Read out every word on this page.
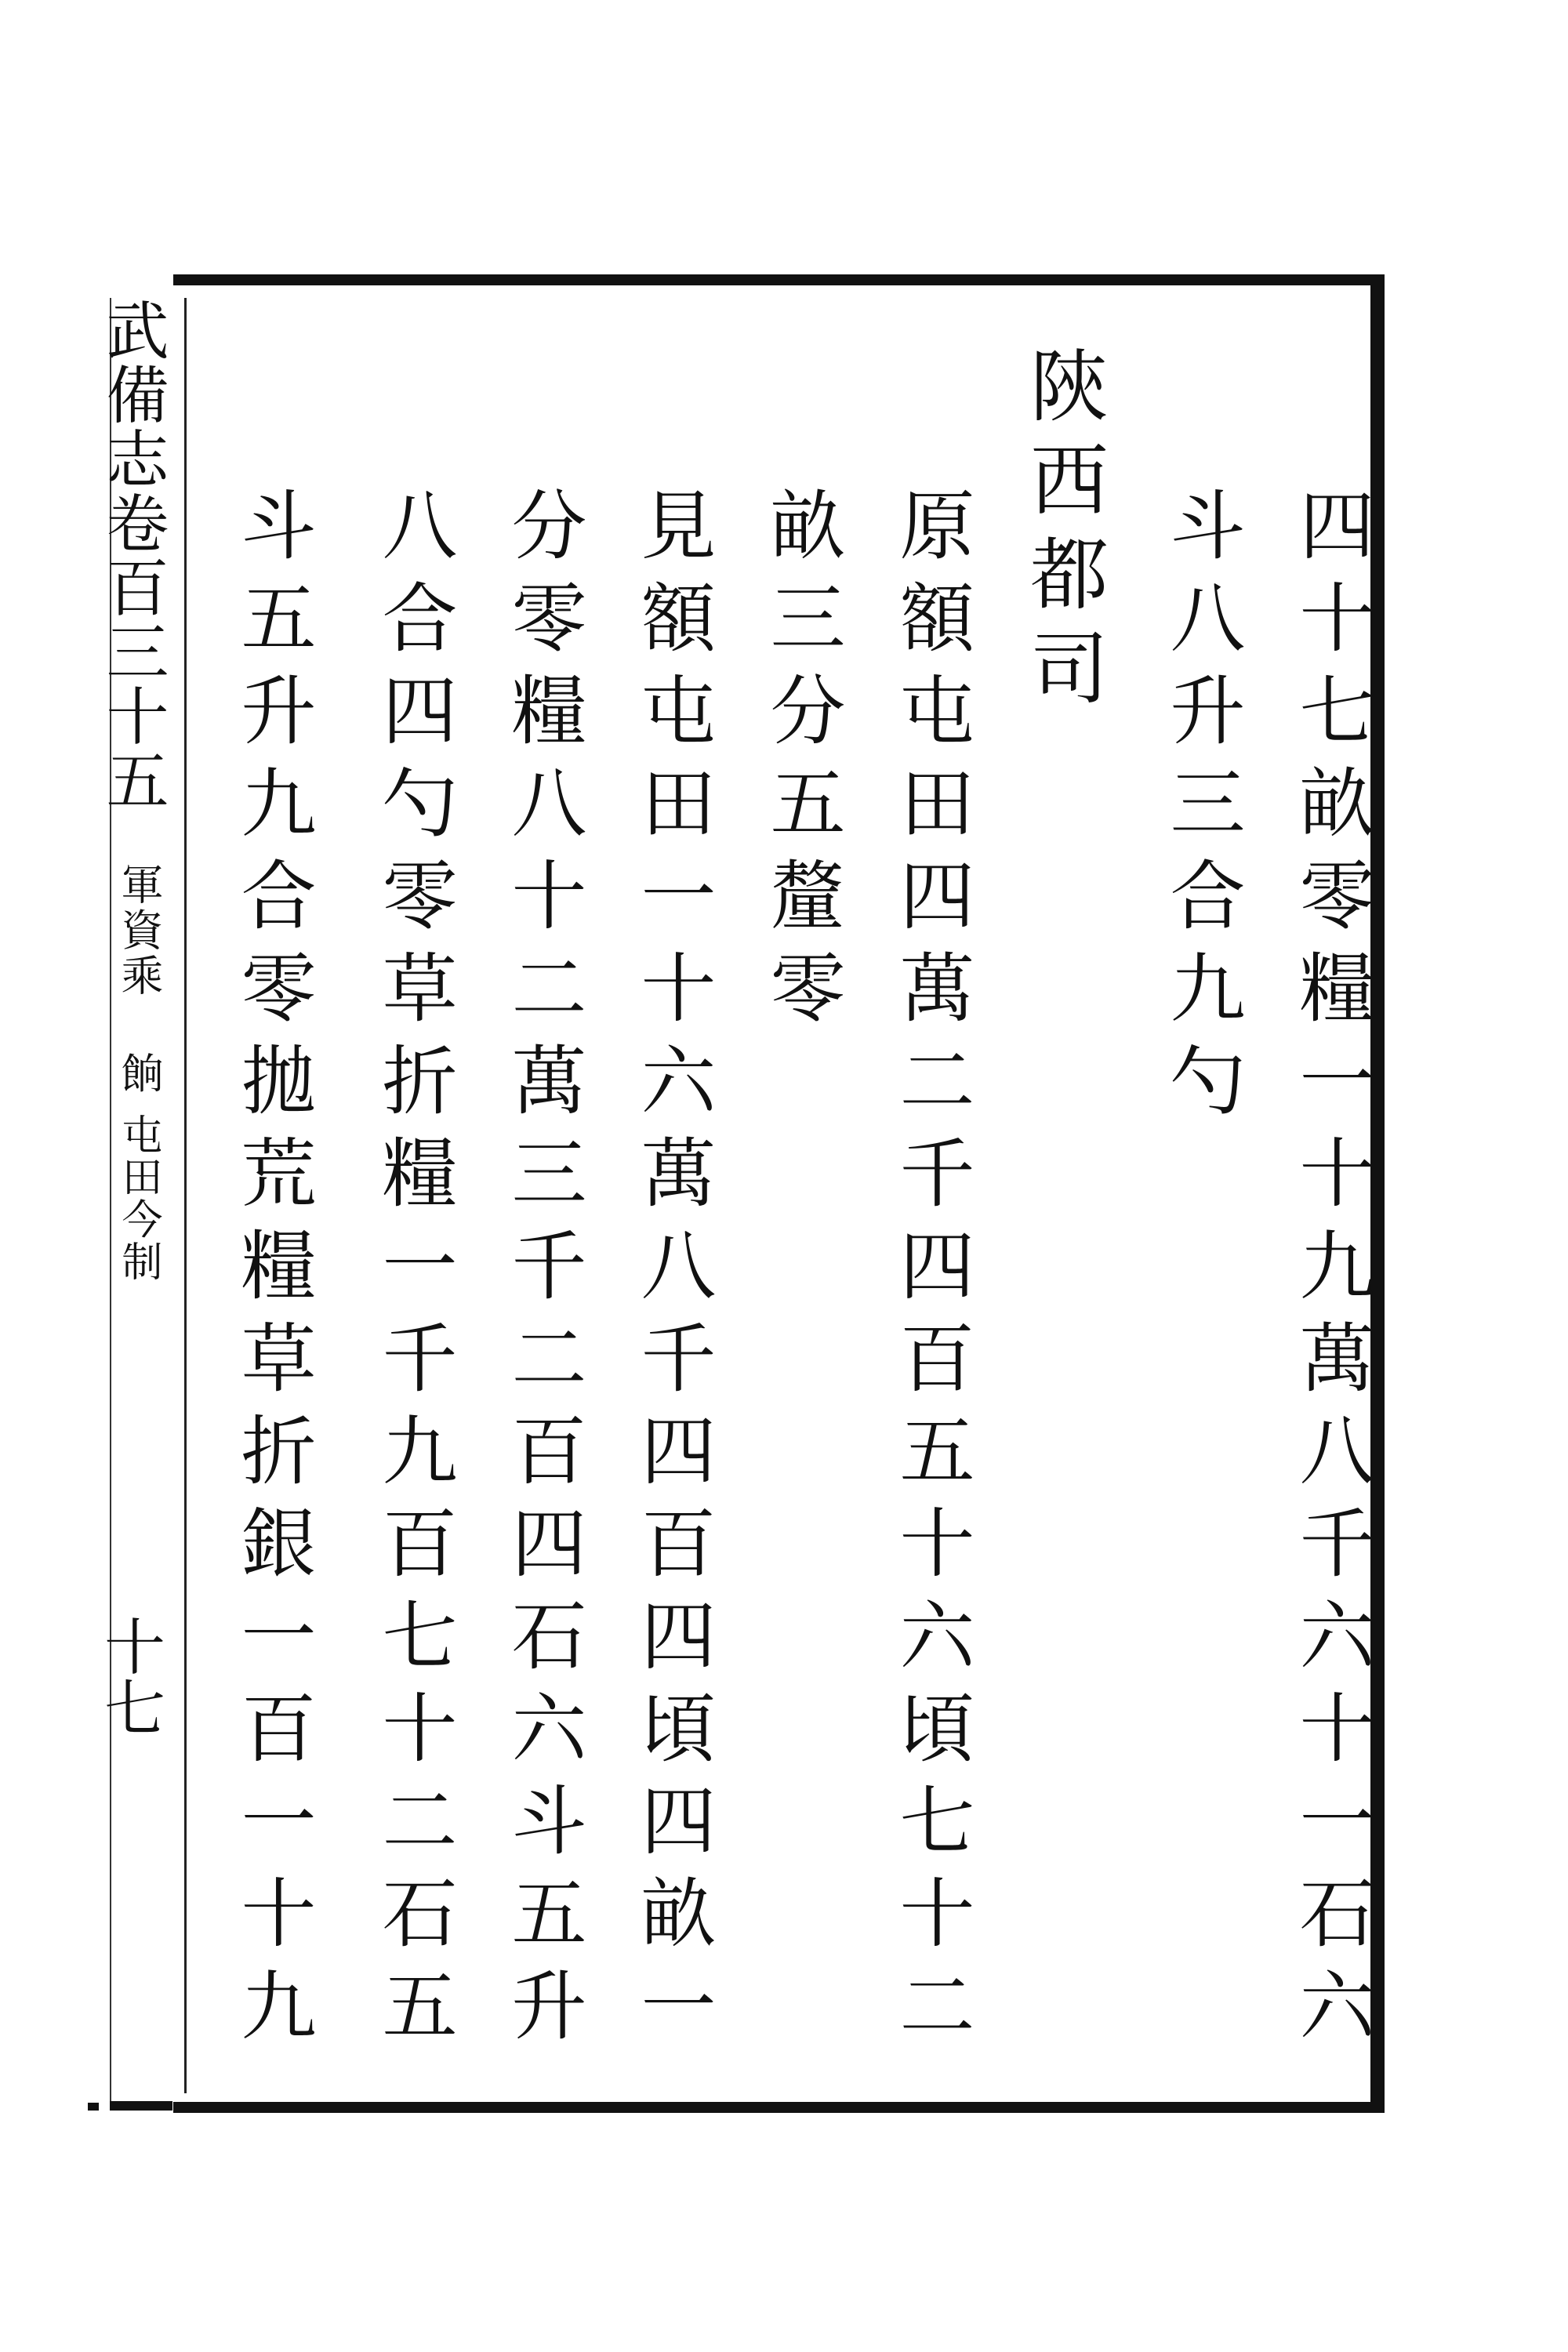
武備志卷百三十五
軍資乘 餉
屯田今制
十七	四十七畝零糧一十九萬八千六十一石六
斗八升三合九勺
陝西都司
原額屯田四萬二千四百五十六頃七十二
畝三分五釐零
見額屯田一十六萬八千四百四頃四畝一
分零糧八十二萬三千二百四石六斗五升
八合四勺零草折糧一千九百七十二石五
斗五升九合零拋荒糧草折銀一百一十九
